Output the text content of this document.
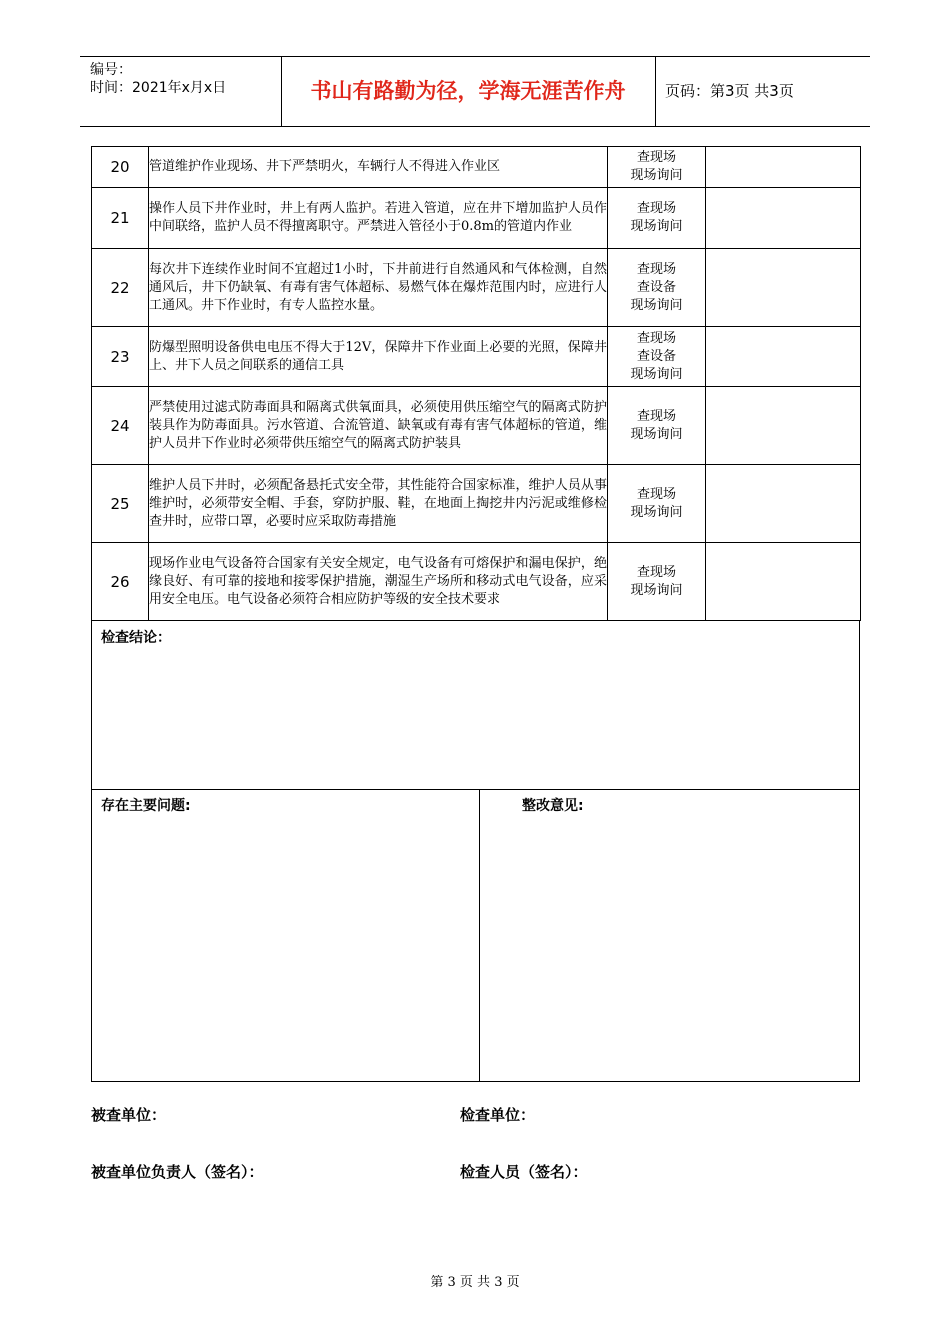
编号：
时间：2021年x月x日	书山有路勤为径，学海无涯苦作舟	页码：第3页 共3页
20	管道维护作业现场、井下严禁明火，车辆行人不得进入作业区	查现场
现场询问	

21	操作人员下井作业时，井上有两人监护。若进入管道，应在井下增加监护人员作中间联络，监护人员不得擅离职守。严禁进入管径小于0.8m的管道内作业	查现场
现场询问	

22	每次井下连续作业时间不宜超过1小时，下井前进行自然通风和气体检测，自然通风后，井下仍缺氧、有毒有害气体超标、易燃气体在爆炸范围内时，应进行人工通风。井下作业时，有专人监控水量。	查现场
查设备
现场询问	

23	防爆型照明设备供电电压不得大于12V，保障井下作业面上必要的光照，保障井上、井下人员之间联系的通信工具	查现场
查设备
现场询问	

24	严禁使用过滤式防毒面具和隔离式供氧面具，必须使用供压缩空气的隔离式防护装具作为防毒面具。污水管道、合流管道、缺氧或有毒有害气体超标的管道，维护人员井下作业时必须带供压缩空气的隔离式防护装具	查现场
现场询问	

25	维护人员下井时，必须配备悬托式安全带，其性能符合国家标准，维护人员从事维护时，必须带安全帽、手套，穿防护服、鞋，在地面上掏挖井内污泥或维修检查井时，应带口罩，必要时应采取防毒措施	查现场
现场询问	

26	现场作业电气设备符合国家有关安全规定，电气设备有可熔保护和漏电保护，绝缘良好、有可靠的接地和接零保护措施，潮湿生产场所和移动式电气设备，应采用安全电压。电气设备必须符合相应防护等级的安全技术要求	查现场
现场询问	

检查结论：
存在主要问题:	整改意见:
被查单位：	检查单位：
被查单位负责人（签名）：	检查人员（签名）：
第 3 页 共 3 页
